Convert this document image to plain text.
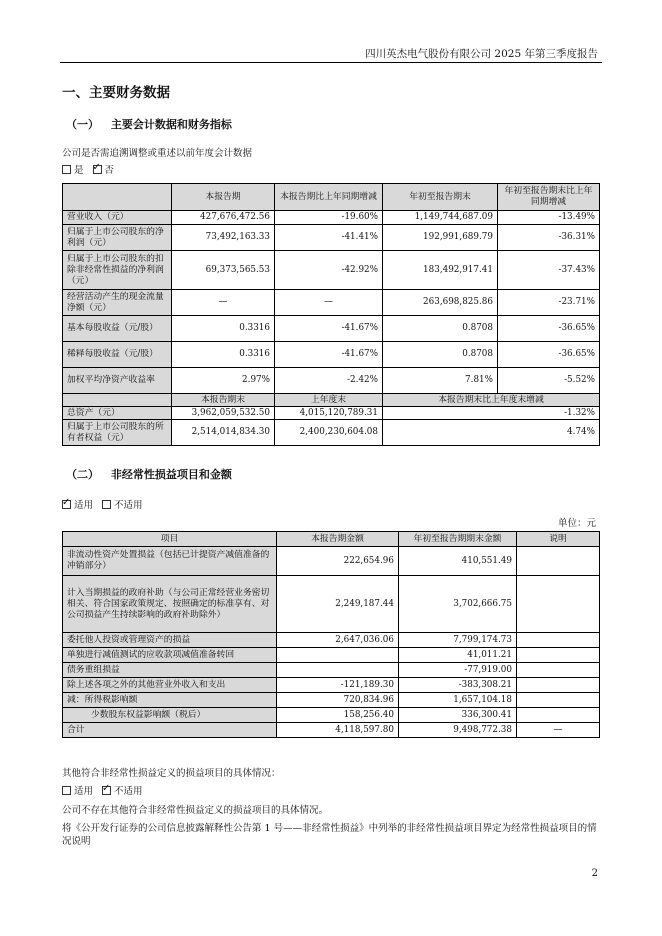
四川英杰电气股份有限公司 2025 年第三季度报告
一、主要财务数据
（一） 主要会计数据和财务指标
公司是否需追溯调整或重述以前年度会计数据
是 ✓ 否
	本报告期	本报告期比上年同期增减	年初至报告期末	年初至报告期末比上年同期增减
营业收入（元）	427,676,472.56	-19.60%	1,149,744,687.09	-13.49%
归属于上市公司股东的净利润（元）	73,492,163.33	-41.41%	192,991,689.79	-36.31%
归属于上市公司股东的扣除非经常性损益的净利润（元）	69,373,565.53	-42.92%	183,492,917.41	-37.43%
经营活动产生的现金流量净额（元）	—	—	263,698,825.86	-23.71%
基本每股收益（元/股）	0.3316	-41.67%	0.8708	-36.65%
稀释每股收益（元/股）	0.3316	-41.67%	0.8708	-36.65%
加权平均净资产收益率	2.97%	-2.42%	7.81%	-5.52%
	本报告期末	上年度末	本报告期末比上年度末增减	
总资产（元）	3,962,059,532.50	4,015,120,789.31	-1.32%	
归属于上市公司股东的所有者权益（元）	2,514,014,834.30	2,400,230,604.08	4.74%	
（二） 非经常性损益项目和金额
✓适用 不适用
单位：元
项目	本报告期金额	年初至报告期期末金额	说明
非流动性资产处置损益（包括已计提资产减值准备的冲销部分）	222,654.96	410,551.49	
计入当期损益的政府补助（与公司正常经营业务密切相关、符合国家政策规定、按照确定的标准享有、对公司损益产生持续影响的政府补助除外）	2,249,187.44	3,702,666.75	
委托他人投资或管理资产的损益	2,647,036.06	7,799,174.73	
单独进行减值测试的应收款项减值准备转回		41,011.21	
债务重组损益		-77,919.00	
除上述各项之外的其他营业外收入和支出	-121,189.30	-383,308.21	
减：所得税影响额	720,834.96	1,657,104.18	
少数股东权益影响额（税后）	158,256.40	336,300.41	
合计	4,118,597.80	9,498,772.38	—
其他符合非经常性损益定义的损益项目的具体情况：
适用 ✓ 不适用
公司不存在其他符合非经常性损益定义的损益项目的具体情况。
将《公开发行证券的公司信息披露解释性公告第 1 号——非经常性损益》中列举的非经常性损益项目界定为经常性损益项目的情况说明
2
